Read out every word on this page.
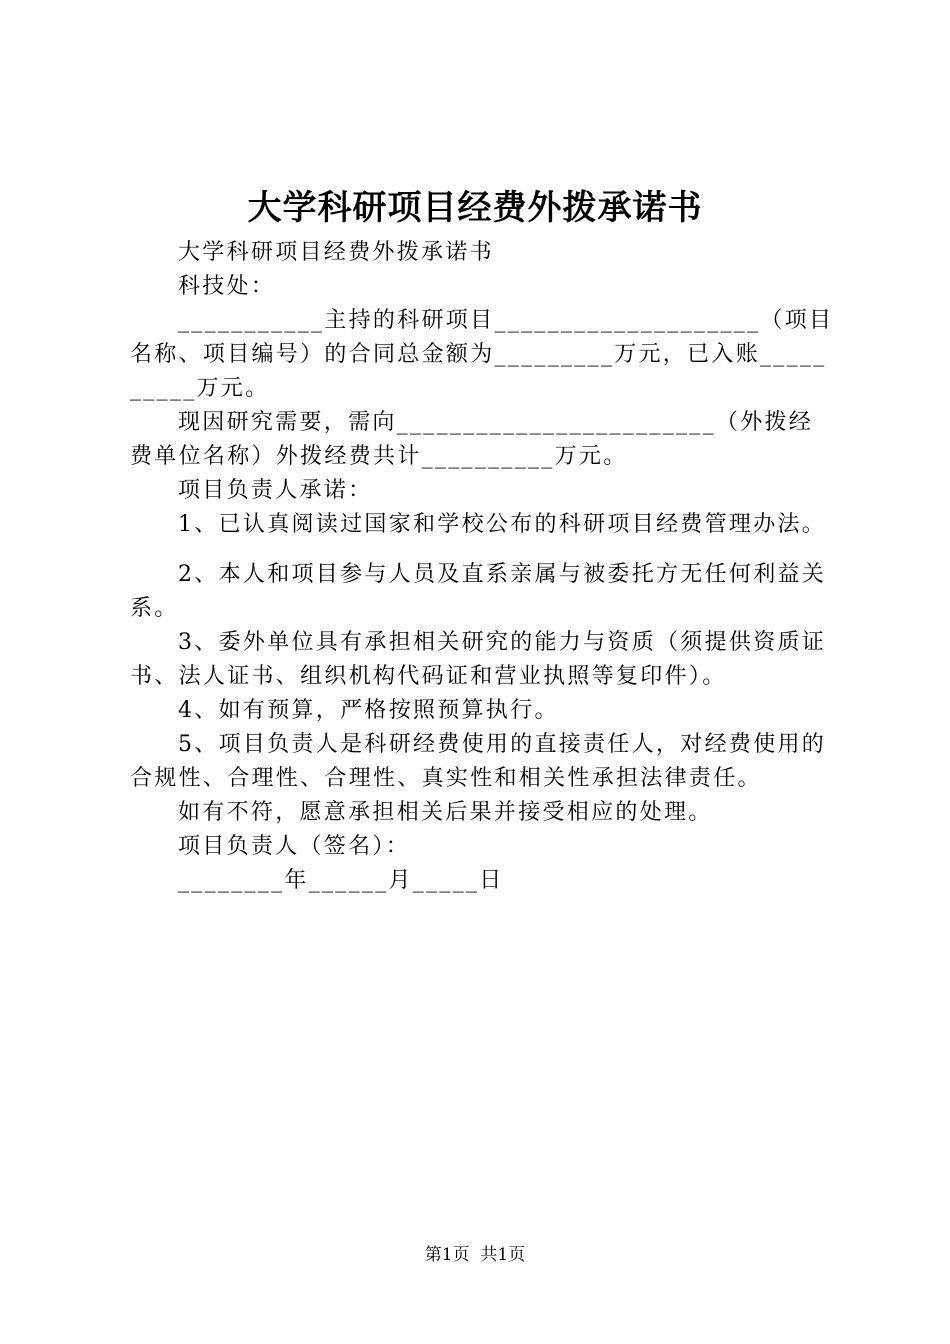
大学科研项目经费外拨承诺书

大学科研项目经费外拨承诺书

科技处：

___________主持的科研项目____________________（项目名称、项目编号）的合同总金额为_________万元，已入账__________万元。

现因研究需要，需向________________________（外拨经费单位名称）外拨经费共计__________万元。

项目负责人承诺：

1、已认真阅读过国家和学校公布的科研项目经费管理办法。

2、本人和项目参与人员及直系亲属与被委托方无任何利益关系。

3、委外单位具有承担相关研究的能力与资质（须提供资质证书、法人证书、组织机构代码证和营业执照等复印件）。

4、如有预算，严格按照预算执行。

5、项目负责人是科研经费使用的直接责任人，对经费使用的合规性、合理性、合理性、真实性和相关性承担法律责任。

如有不符，愿意承担相关后果并接受相应的处理。

项目负责人（签名）：

________年______月_____日

第1页 共1页
